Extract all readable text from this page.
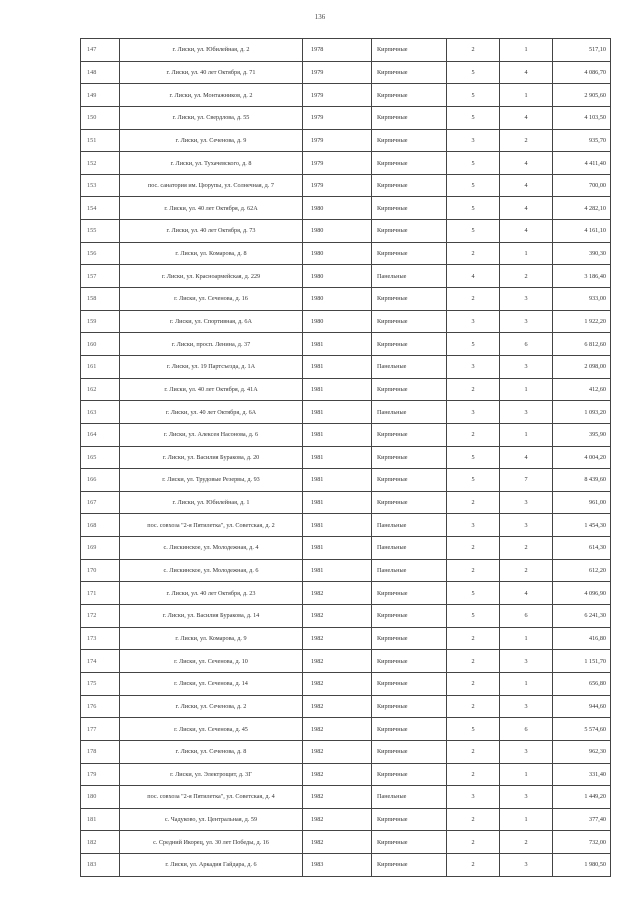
136
147	г. Лиски, ул. Юбилейная, д. 2	1978	Кирпичные	2	1	517,10
148	г. Лиски, ул. 40 лет Октября, д. 71	1979	Кирпичные	5	4	4 086,70
149	г. Лиски, ул. Монтажников, д. 2	1979	Кирпичные	5	1	2 905,60
150	г. Лиски, ул. Свердлова, д. 55	1979	Кирпичные	5	4	4 103,50
151	г. Лиски, ул. Сеченова, д. 9	1979	Кирпичные	3	2	935,70
152	г. Лиски, ул. Тухачевского, д. 8	1979	Кирпичные	5	4	4 411,40
153	пос. санатория им. Цюрупы, ул. Солнечная, д. 7	1979	Кирпичные	5	4	700,00
154	г. Лиски, ул. 40 лет Октября, д. 62А	1980	Кирпичные	5	4	4 282,10
155	г. Лиски, ул. 40 лет Октября, д. 73	1980	Кирпичные	5	4	4 161,10
156	г. Лиски, ул. Комарова, д. 8	1980	Кирпичные	2	1	390,30
157	г. Лиски, ул. Красноармейская, д. 229	1980	Панельные	4	2	3 186,40
158	г. Лиски, ул. Сеченова, д. 16	1980	Кирпичные	2	3	933,00
159	г. Лиски, ул. Спортивная, д. 6А	1980	Кирпичные	3	3	1 922,20
160	г. Лиски, просп. Ленина, д. 37	1981	Кирпичные	5	6	6 812,60
161	г. Лиски, ул. 19 Партсъезда, д. 1А	1981	Панельные	3	3	2 098,00
162	г. Лиски, ул. 40 лет Октября, д. 41А	1981	Кирпичные	2	1	412,60
163	г. Лиски, ул. 40 лет Октября, д. 6А	1981	Панельные	3	3	1 093,20
164	г. Лиски, ул. Алексея Насонова, д. 6	1981	Кирпичные	2	1	395,90
165	г. Лиски, ул. Василия Буракова, д. 20	1981	Кирпичные	5	4	4 004,20
166	г. Лиски, ул. Трудовые Резервы, д. 93	1981	Кирпичные	5	7	8 439,60
167	г. Лиски, ул. Юбилейная, д. 1	1981	Кирпичные	2	3	961,00
168	пос. совхоза "2-я Пятилетка", ул. Советская, д. 2	1981	Панельные	3	3	1 454,30
169	с. Лискинское, ул. Молодежная, д. 4	1981	Панельные	2	2	614,30
170	с. Лискинское, ул. Молодежная, д. 6	1981	Панельные	2	2	612,20
171	г. Лиски, ул. 40 лет Октября, д. 23	1982	Кирпичные	5	4	4 096,90
172	г. Лиски, ул. Василия Буракова, д. 14	1982	Кирпичные	5	6	6 241,30
173	г. Лиски, ул. Комарова, д. 9	1982	Кирпичные	2	1	416,80
174	г. Лиски, ул. Сеченова, д. 10	1982	Кирпичные	2	3	1 151,70
175	г. Лиски, ул. Сеченова, д. 14	1982	Кирпичные	2	1	656,80
176	г. Лиски, ул. Сеченова, д. 2	1982	Кирпичные	2	3	944,60
177	г. Лиски, ул. Сеченова, д. 45	1982	Кирпичные	5	6	5 574,60
178	г. Лиски, ул. Сеченова, д. 8	1982	Кирпичные	2	3	962,30
179	г. Лиски, ул. Электрощит, д. 3Г	1982	Кирпичные	2	1	331,40
180	пос. совхоза "2-я Пятилетка", ул. Советская, д. 4	1982	Панельные	3	3	1 449,20
181	с. Чадуково, ул. Центральная, д. 59	1982	Кирпичные	2	1	377,40
182	с. Средний Икорец, ул. 30 лет Победы, д. 16	1982	Кирпичные	2	2	732,00
183	г. Лиски, ул. Аркадия Гайдара, д. 6	1983	Кирпичные	2	3	1 980,50
